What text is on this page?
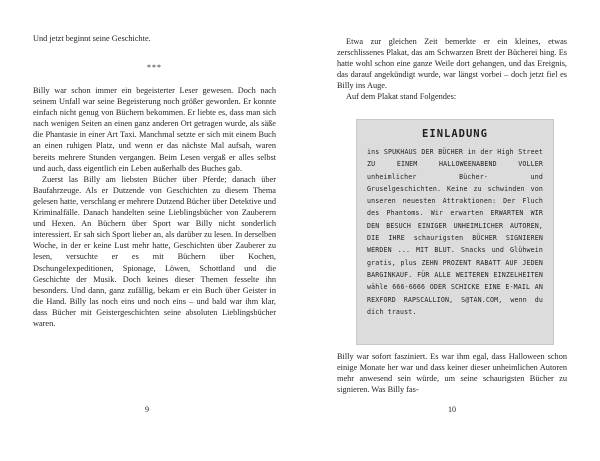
Und jetzt beginnt seine Geschichte.

***

Billy war schon immer ein begeisterter Leser gewesen. Doch nach seinem Unfall war seine Begeisterung noch größer geworden. Er konnte einfach nicht genug von Büchern bekommen. Er liebte es, dass man sich nach wenigen Seiten an einen ganz anderen Ort getragen wurde, als säße die Phantasie in einer Art Taxi. Manchmal setzte er sich mit einem Buch an einen ruhigen Platz, und wenn er das nächste Mal aufsah, waren bereits mehrere Stunden vergangen. Beim Lesen vergaß er alles selbst und auch, dass eigentlich ein Leben außerhalb des Buches gab.

Zuerst las Billy am liebsten Bücher über Pferde; danach über Baufahrzeuge. Als er Dutzende von Geschichten zu diesem Thema gelesen hatte, verschlang er mehrere Dutzend Bücher über Detektive und Kriminalfälle. Danach handelten seine Lieblingsbücher von Zauberern und Hexen. An Büchern über Sport war Billy nicht sonderlich interessiert. Er sah sich Sport lieber an, als darüber zu lesen. In derselben Woche, in der er keine Lust mehr hatte, Geschichten über Zauberer zu lesen, versuchte er es mit Büchern über Kochen, Dschungelexpeditionen, Spionage, Löwen, Schottland und die Geschichte der Musik. Doch keines dieser Themen fesselte ihn besonders. Und dann, ganz zufällig, bekam er ein Buch über Geister in die Hand. Billy las noch eins und noch eins – und bald war ihm klar, dass Bücher mit Geistergeschichten seine absoluten Lieblingsbücher waren.

9

Etwa zur gleichen Zeit bemerkte er ein kleines, etwas zerschlissenes Plakat, das am Schwarzen Brett der Bücherei hing. Es hatte wohl schon eine ganze Weile dort gehangen, und das Ereignis, das darauf angekündigt wurde, war längst vorbei – doch jetzt fiel es Billy ins Auge.

Auf dem Plakat stand Folgendes:

EINLADUNG
ins SPUKHAUS DER BÜCHER in der High Street ZU EINEM HALLOWEENABEND VOLLER unheimlicher Bücher- und Gruselgeschichten. Keine zu schwinden von unseren neuesten Attraktionen: Der Fluch des Phantoms. Wir erwarten ERWARTEN WIR DEN BESUCH EINIGER UNHEIMLICHER AUTOREN, DIE IHRE schaurigsten BÜCHER SIGNIEREN WERDEN ... MIT BLUT. Snacks und Glühwein gratis, plus ZEHN PROZENT RABATT AUF JEDEN BARGINKAUF. FÜR ALLE WEITEREN EINZELHEITEN wähle 666-6666 ODER SCHICKE EINE E-MAIL AN REXFORD RAPSCALLION, S@TAN.COM, wenn du dich traust.

Billy war sofort fasziniert. Es war ihm egal, dass Halloween schon einige Monate her war und dass keiner dieser unheimlichen Autoren mehr anwesend sein würde, um seine schaurigsten Bücher zu signieren. Was Billy fas-

10
